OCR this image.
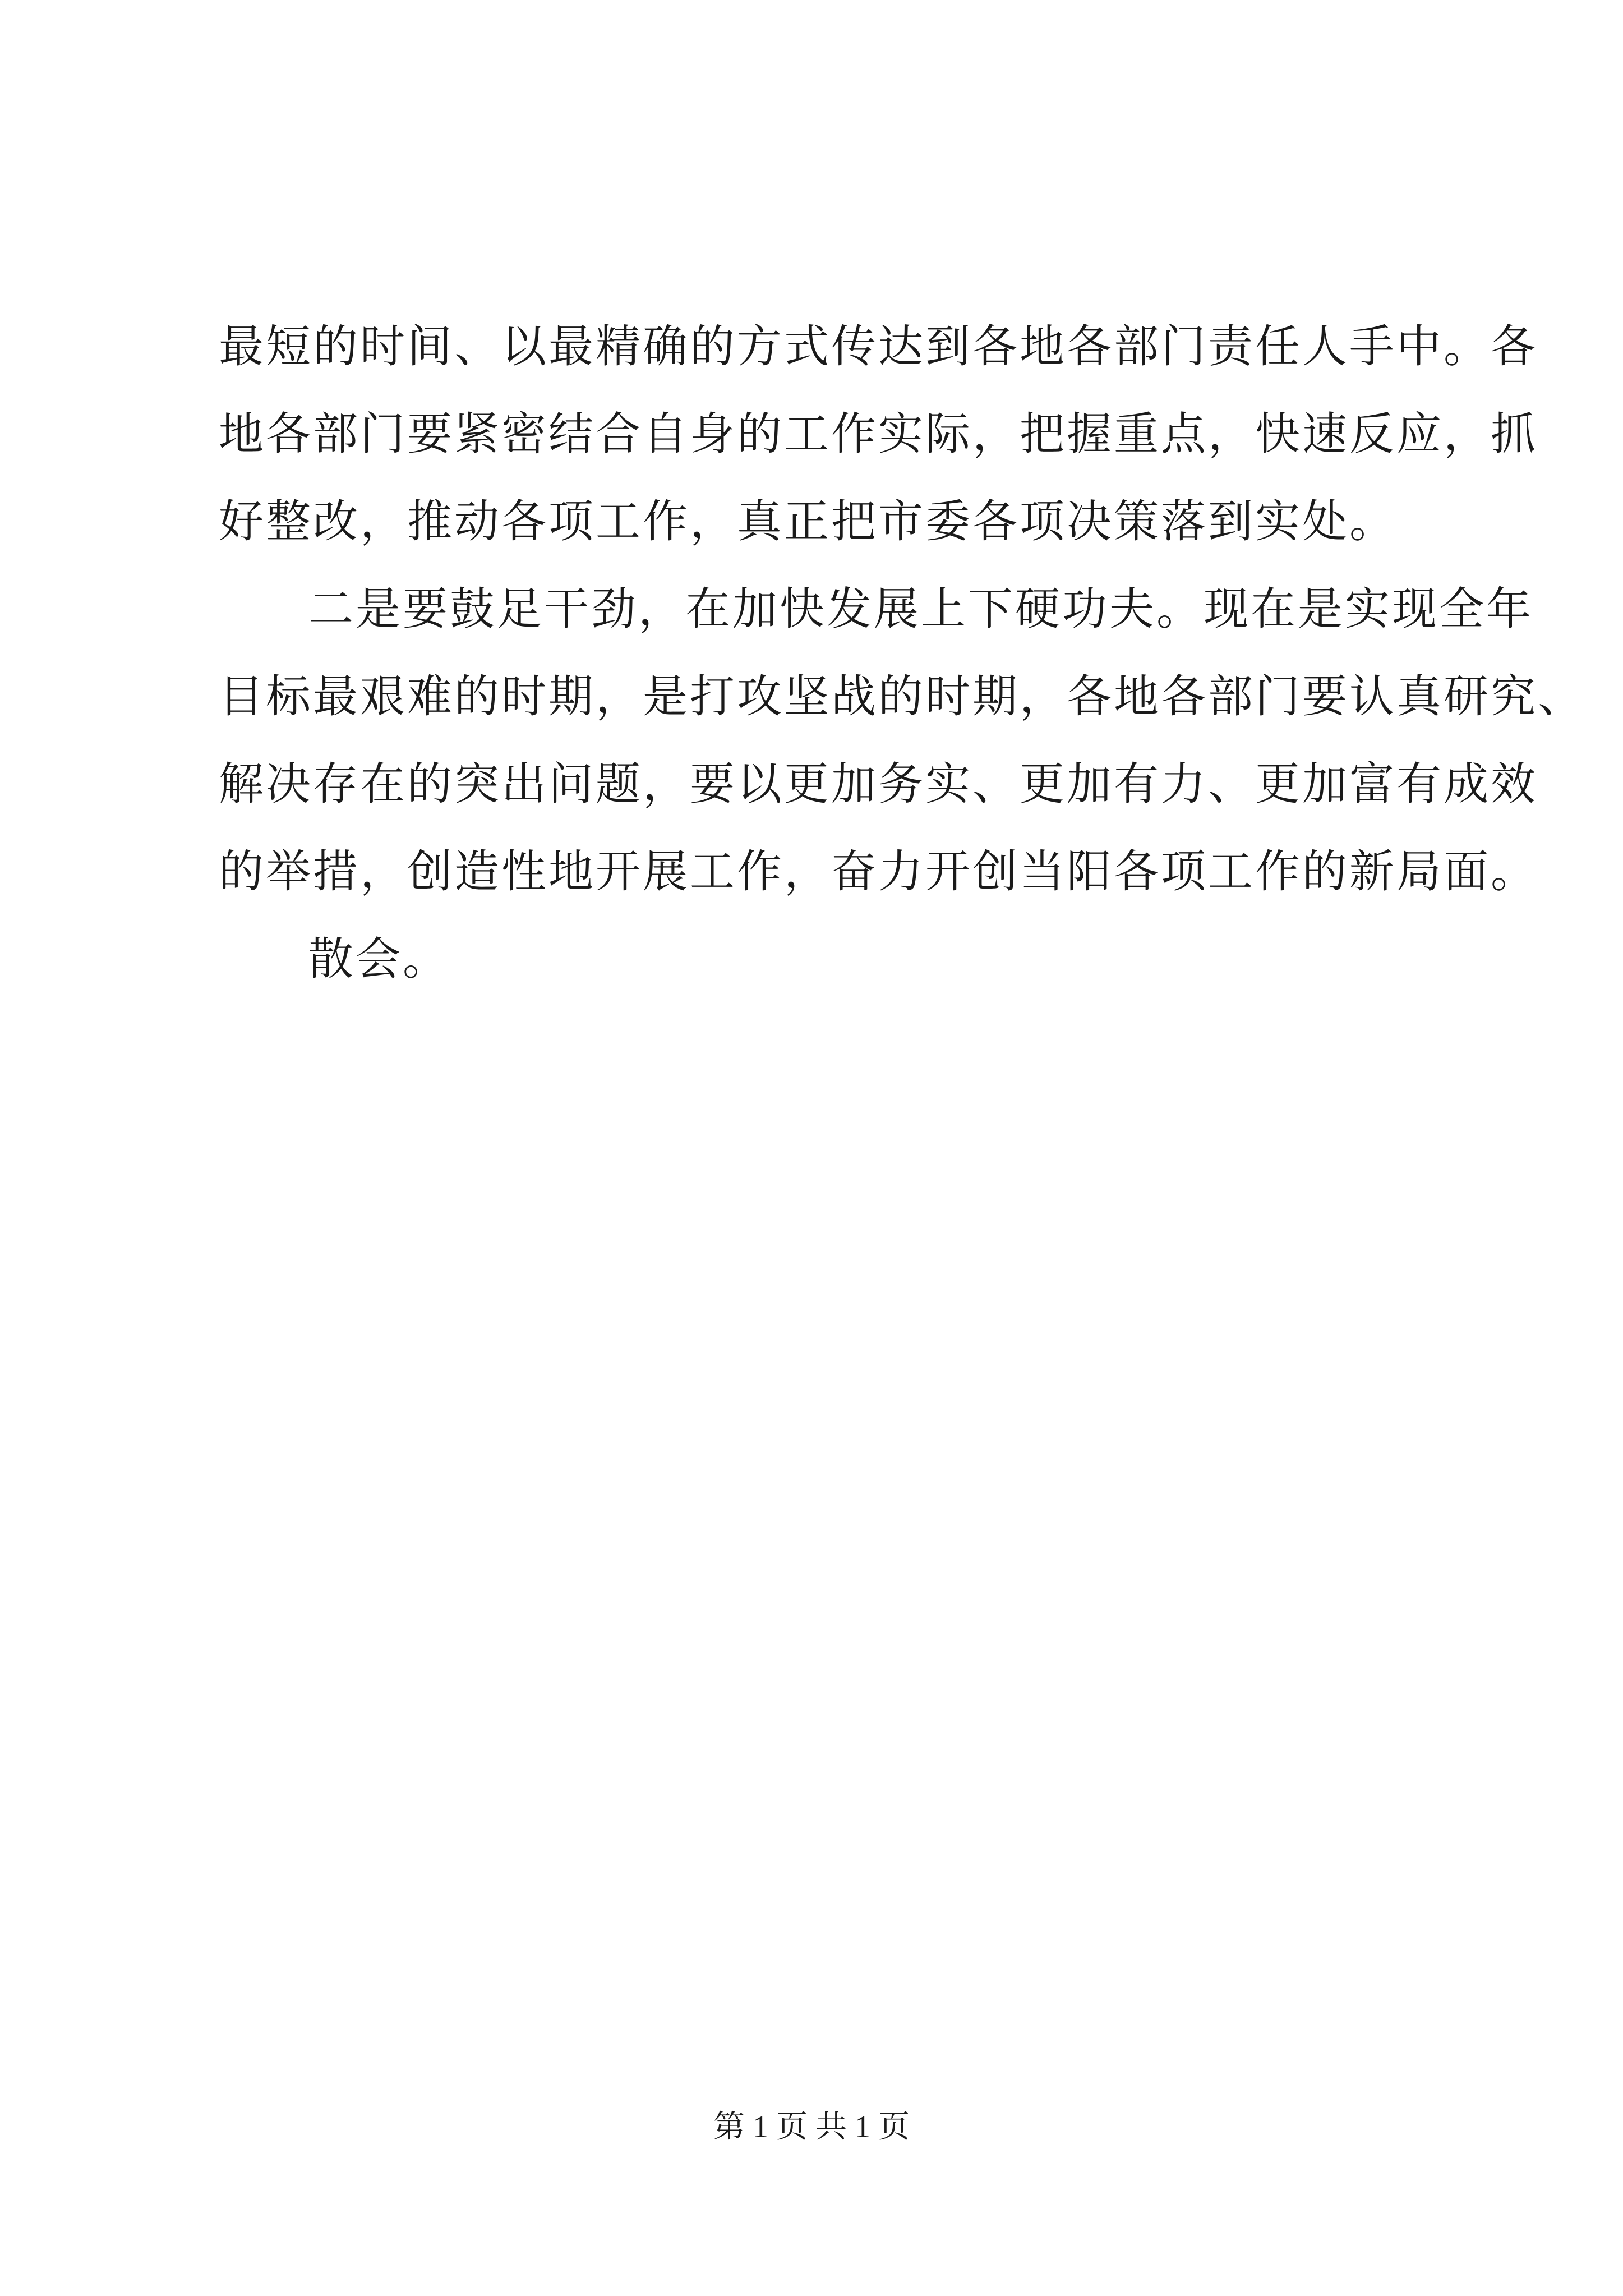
最短的时间、以最精确的方式传达到各地各部门责任人手中。各
地各部门要紧密结合自身的工作实际，把握重点，快速反应，抓
好整改，推动各项工作，真正把市委各项决策落到实处。
二是要鼓足干劲，在加快发展上下硬功夫。现在是实现全年
目标最艰难的时期，是打攻坚战的时期，各地各部门要认真研究、
解决存在的突出问题，要以更加务实、更加有力、更加富有成效
的举措，创造性地开展工作，奋力开创当阳各项工作的新局面。
散会。
第 1 页 共 1 页
